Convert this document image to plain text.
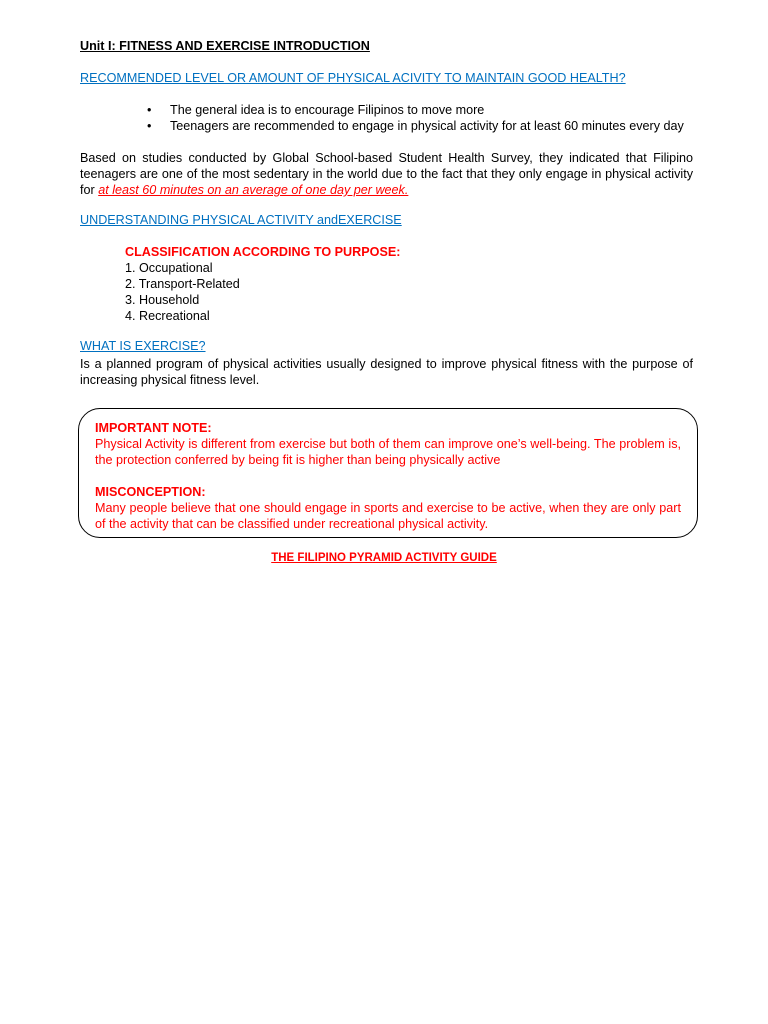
Unit I: FITNESS AND EXERCISE INTRODUCTION

RECOMMENDED LEVEL OR AMOUNT OF PHYSICAL ACIVITY TO MAINTAIN GOOD HEALTH?

• The general idea is to encourage Filipinos to move more
• Teenagers are recommended to engage in physical activity for at least 60 minutes every day

Based on studies conducted by Global School-based Student Health Survey, they indicated that Filipino teenagers are one of the most sedentary in the world due to the fact that they only engage in physical activity for at least 60 minutes on an average of one day per week.

UNDERSTANDING PHYSICAL ACTIVITY andEXERCISE

CLASSIFICATION ACCORDING TO PURPOSE:
1. Occupational
2. Transport-Related
3. Household
4. Recreational

WHAT IS EXERCISE?

Is a planned program of physical activities usually designed to improve physical fitness with the purpose of increasing physical fitness level.

IMPORTANT NOTE:

Physical Activity is different from exercise but both of them can improve one’s well-being. The problem is, the protection conferred by being fit is higher than being physically active

MISCONCEPTION:

Many people believe that one should engage in sports and exercise to be active, when they are only part of the activity that can be classified under recreational physical activity.

THE FILIPINO PYRAMID ACTIVITY GUIDE
